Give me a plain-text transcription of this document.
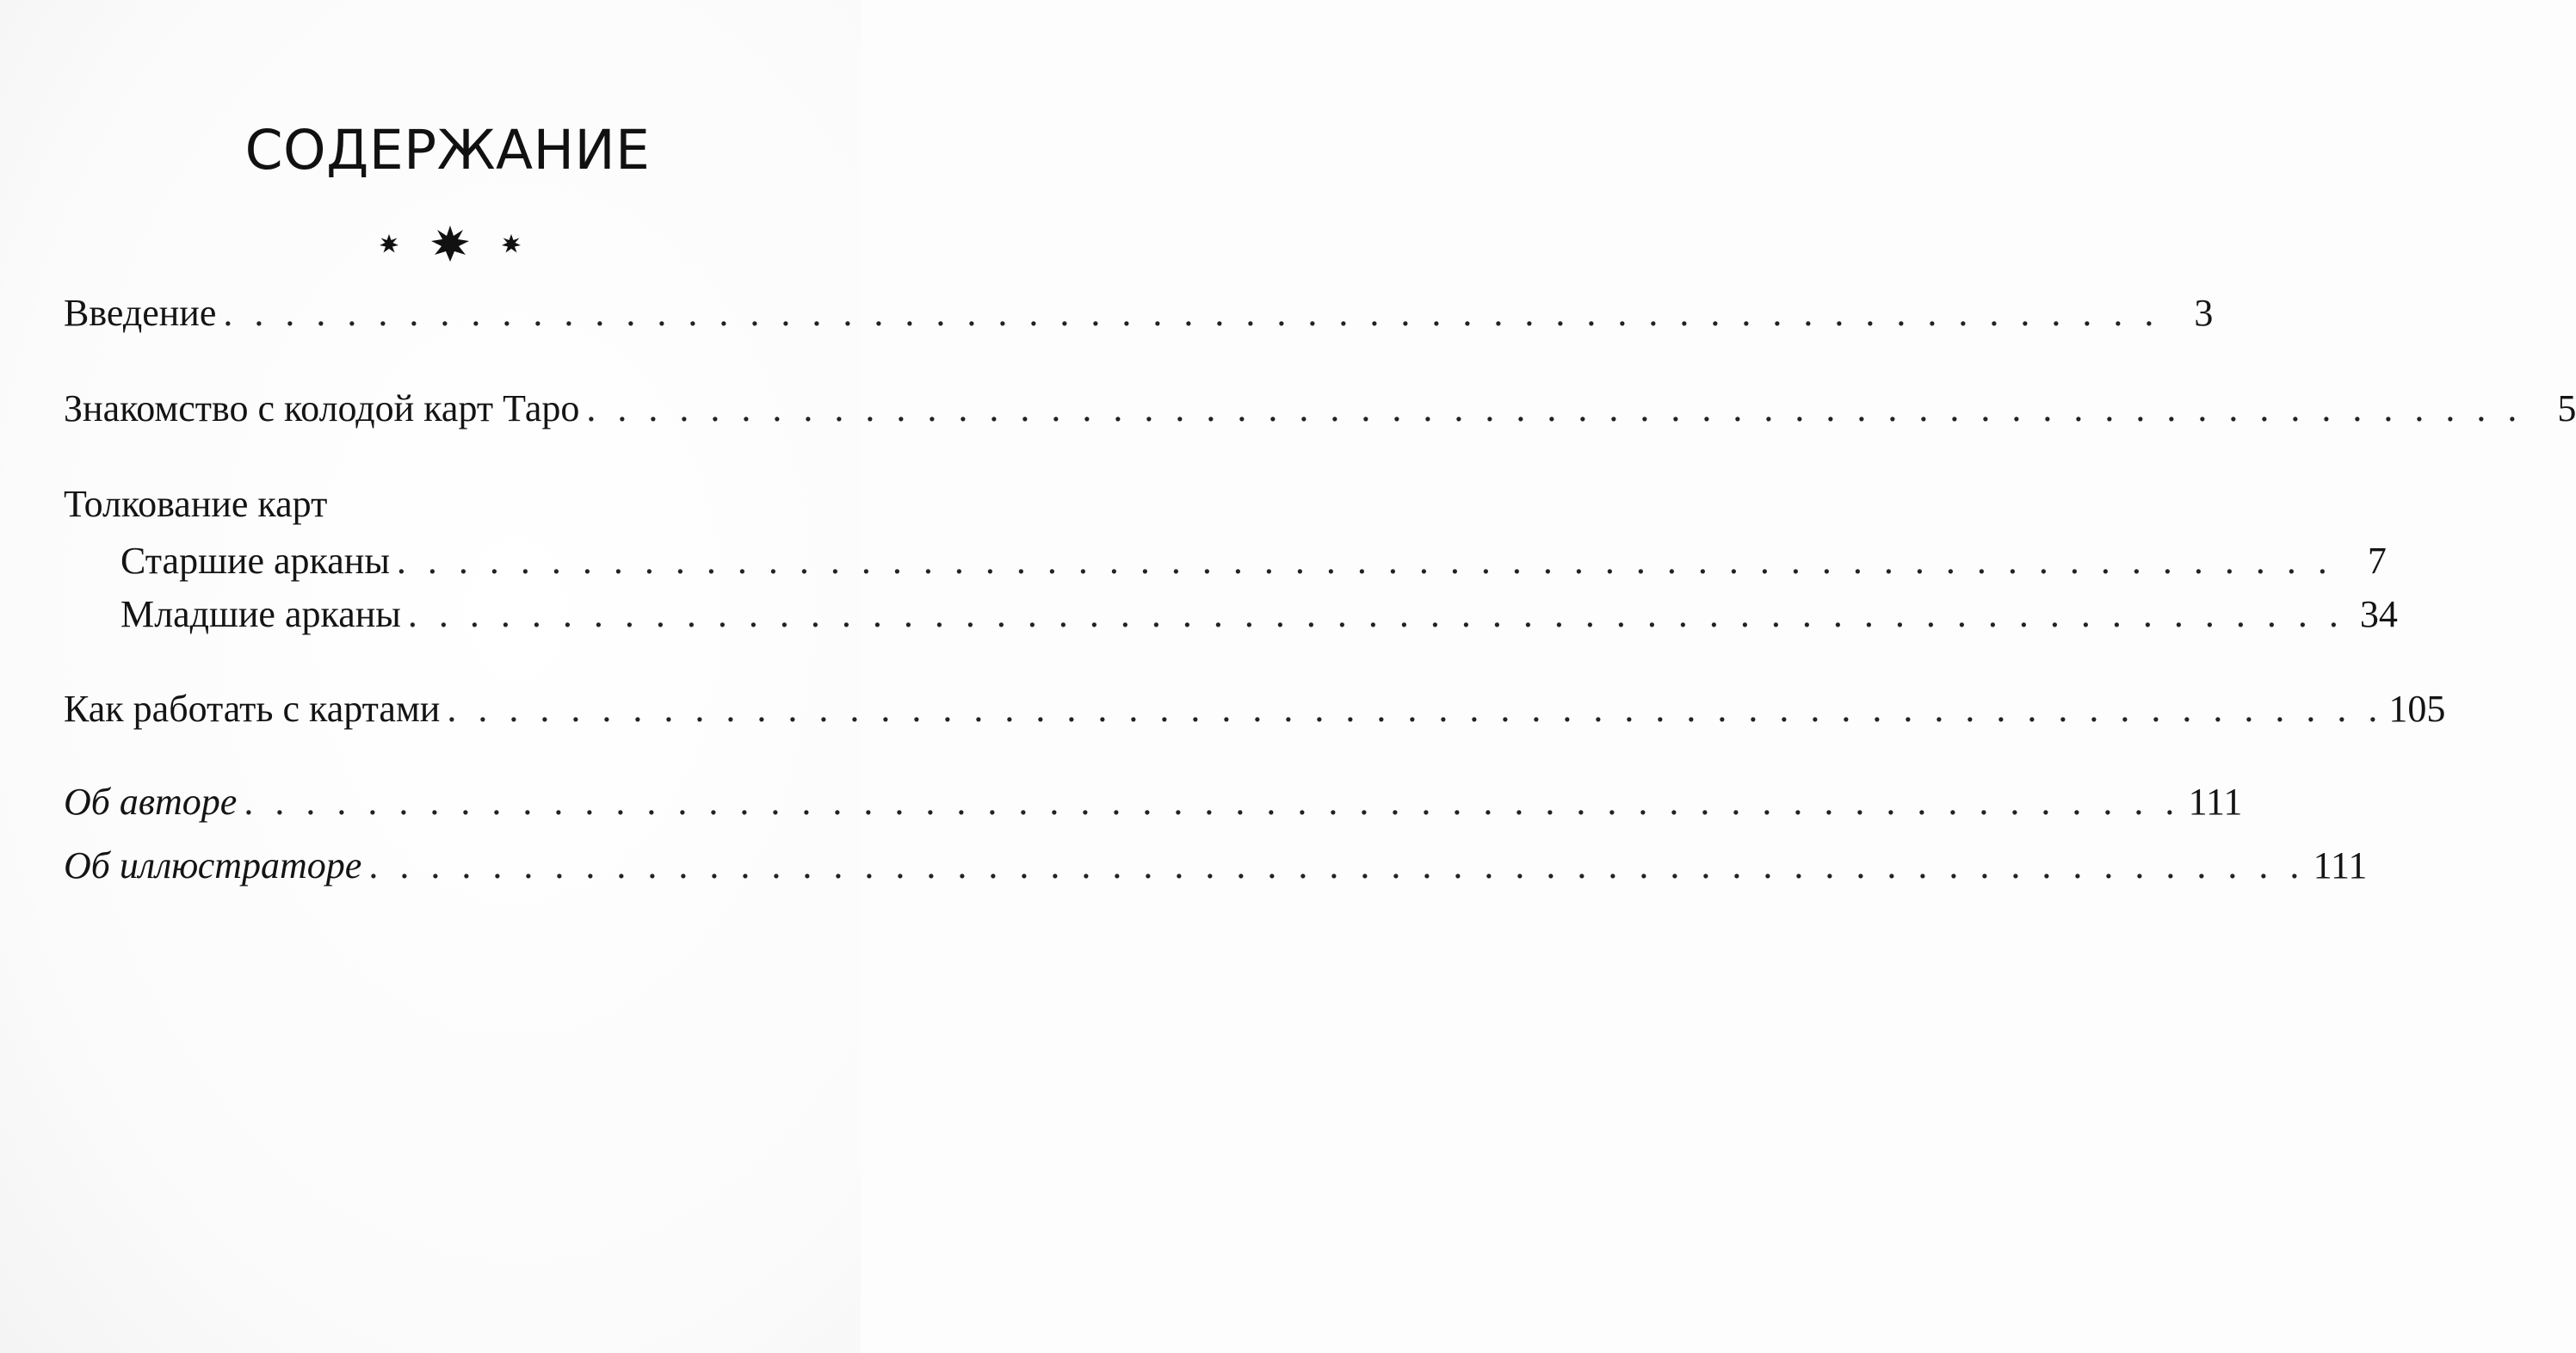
СОДЕРЖАНИЕ
Введение . . . . . . . . . . . . . . . . . . . . . . . . . . . . . . . . . . . . . . . . . . . . . . . . . . . . . . . . . . . . . . . 3
Знакомство с колодой карт Таро . . . . . . . . . . . . . . . . . . . . . . . . . . . . . . . . . . . . . . . . . . . . . . . . . . . . . . . . . . . . . . . 5
Толкование карт
Старшие арканы . . . . . . . . . . . . . . . . . . . . . . . . . . . . . . . . . . . . . . . . . . . . . . . . . . . . . . . . . . . . . . . 7
Младшие арканы . . . . . . . . . . . . . . . . . . . . . . . . . . . . . . . . . . . . . . . . . . . . . . . . . . . . . . . . . . . . . . . 34
Как работать с картами . . . . . . . . . . . . . . . . . . . . . . . . . . . . . . . . . . . . . . . . . . . . . . . . . . . . . . . . . . . . . . . 105
Об авторе . . . . . . . . . . . . . . . . . . . . . . . . . . . . . . . . . . . . . . . . . . . . . . . . . . . . . . . . . . . . . . . 111
Об иллюстраторе . . . . . . . . . . . . . . . . . . . . . . . . . . . . . . . . . . . . . . . . . . . . . . . . . . . . . . . . . . . . . . . 111
